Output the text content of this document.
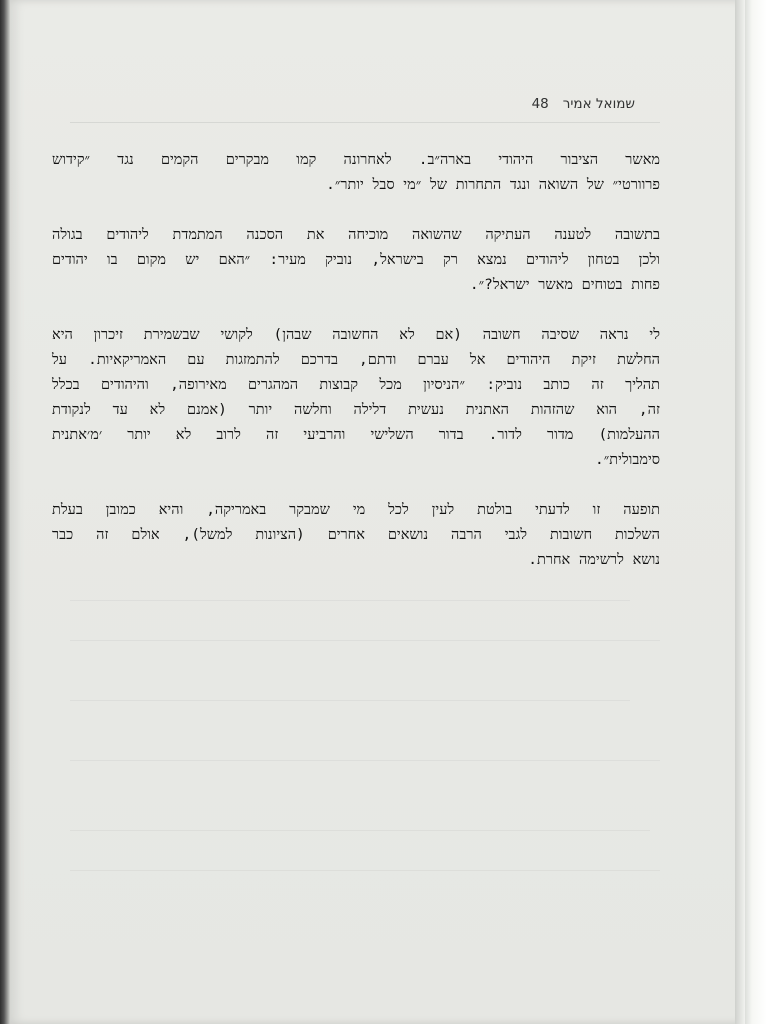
שמואל אמיר48

מאשר הציבור היהודי בארה״ב. לאחרונה קמו מבקרים הקמים נגד ״קידוש
פרוורטי״ של השואה ונגד התחרות של ״מי סבל יותר״.

בתשובה לטענה העתיקה שהשואה מוכיחה את הסכנה המתמדת ליהודים בגולה
ולכן בטחון ליהודים נמצא רק בישראל, נוביק מעיר: ״האם יש מקום בו יהודים
פחות בטוחים מאשר ישראל?״.

לי נראה שסיבה חשובה (אם לא החשובה שבהן) לקושי שבשמירת זיכרון היא
החלשת זיקת היהודים אל עברם ודתם, בדרכם להתמזגות עם האמריקאיות. על
תהליך זה כותב נוביק: ״הניסיון מכל קבוצות המהגרים מאירופה, והיהודים בכלל
זה, הוא שהזהות האתנית נעשית דלילה וחלשה יותר (אמנם לא עד לנקודת
ההעלמות) מדור לדור. בדור השלישי והרביעי זה לרוב לא יותר ׳מ׳אתנית
סימבולית״.

תופעה זו לדעתי בולטת לעין לכל מי שמבקר באמריקה, והיא כמובן בעלת
השלכות חשובות לגבי הרבה נושאים אחרים (הציונות למשל), אולם זה כבר
נושא לרשימה אחרת.
